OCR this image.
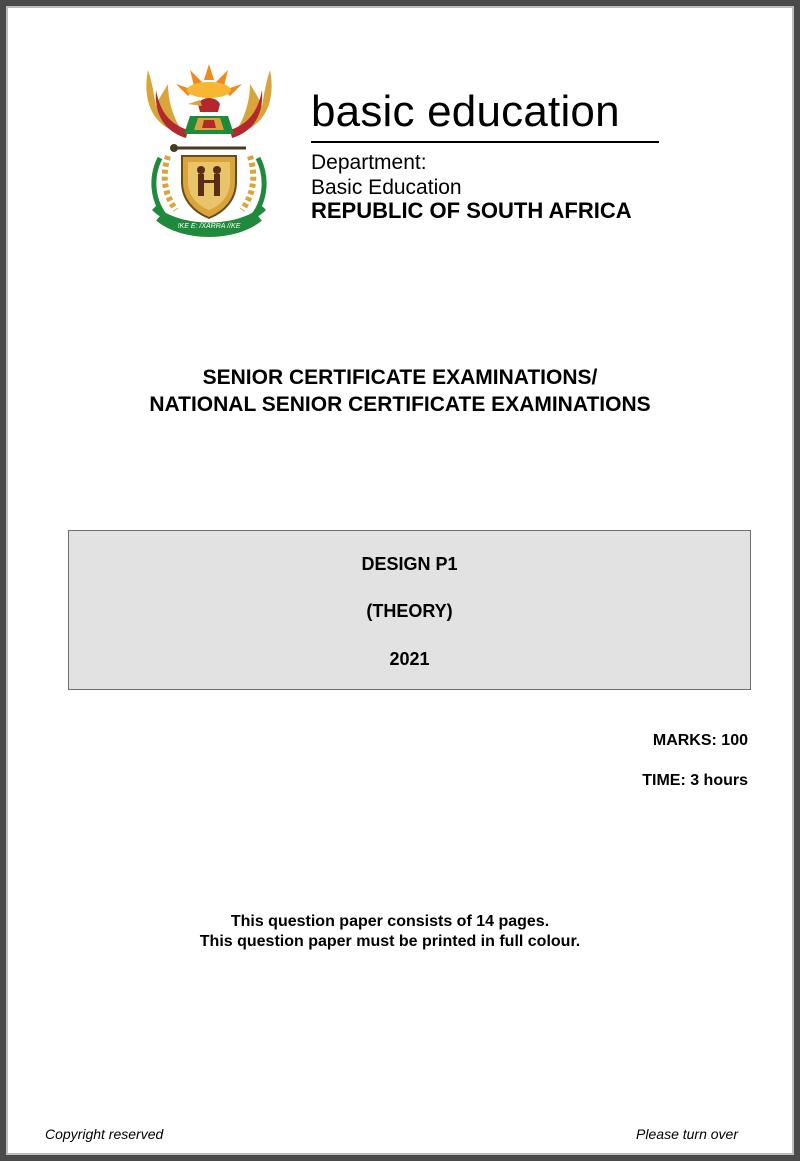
!KE E: /XARRA //KE
basic education
Department:
Basic Education
REPUBLIC OF SOUTH AFRICA
SENIOR CERTIFICATE EXAMINATIONS/
NATIONAL SENIOR CERTIFICATE EXAMINATIONS
DESIGN P1
(THEORY)
2021
MARKS: 100
TIME: 3 hours
This question paper consists of 14 pages.
This question paper must be printed in full colour.
Copyright reserved	Please turn over
